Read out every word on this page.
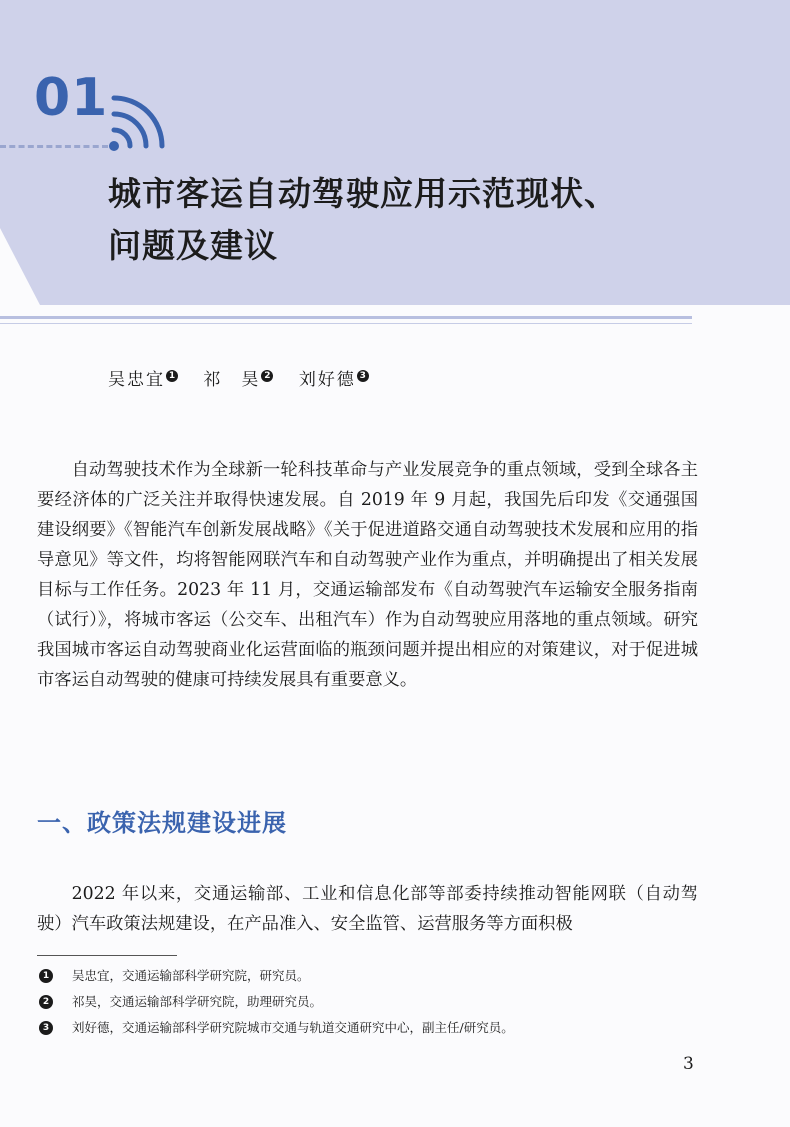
01
城市客运自动驾驶应用示范现状、
问题及建议
吴忠宜 1 祁　昊 2 刘好德 3

自动驾驶技术作为全球新一轮科技革命与产业发展竞争的重点领域，受到全球各主要经济体的广泛关注并取得快速发展。自 2019 年 9 月起，我国先后印发《交通强国建设纲要》《智能汽车创新发展战略》《关于促进道路交通自动驾驶技术发展和应用的指导意见》等文件，均将智能网联汽车和自动驾驶产业作为重点，并明确提出了相关发展目标与工作任务。2023 年 11 月，交通运输部发布《自动驾驶汽车运输安全服务指南（试行）》，将城市客运（公交车、出租汽车）作为自动驾驶应用落地的重点领域。研究我国城市客运自动驾驶商业化运营面临的瓶颈问题并提出相应的对策建议，对于促进城市客运自动驾驶的健康可持续发展具有重要意义。

一、政策法规建设进展

2022 年以来，交通运输部、工业和信息化部等部委持续推动智能网联（自动驾驶）汽车政策法规建设，在产品准入、安全监管、运营服务等方面积极

1	吴忠宜，交通运输部科学研究院，研究员。
2	祁昊，交通运输部科学研究院，助理研究员。
3	刘好德，交通运输部科学研究院城市交通与轨道交通研究中心，副主任/研究员。
3
